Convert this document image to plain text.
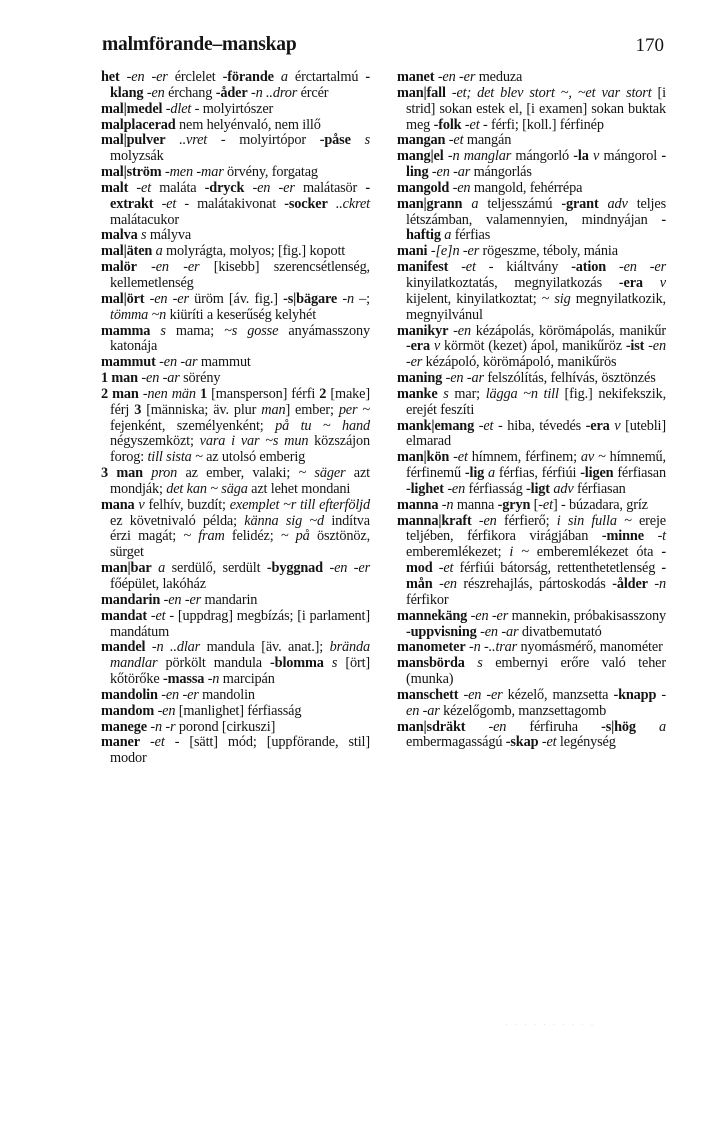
malmförande–manskap	170

het -en -er érclelet -förande a érctartalmú -klang -en érchang -åder -n ..dror ércér

mal|medel -dlet - molyirtószer

malplacerad nem helyénvaló, nem illő

mal|pulver ..vret - molyirtópor -påse s molyzsák

mal|ström -men -mar örvény, forgatag

malt -et maláta -dryck -en -er malátasör -extrakt -et - malátakivonat -socker ..ckret malátacukor

malva s mályva

mal|äten a molyrágta, molyos; [fig.] kopott

malör -en -er [kisebb] szerencsétlenség, kellemetlenség

mal|ört -en -er üröm [áv. fig.] -s|bägare -n –; tömma ~n kiüríti a keserűség kelyhét

mamma s mama; ~s gosse anyámasszony katonája

mammut -en -ar mammut

1 man -en -ar sörény

2 man -nen män 1 [mansperson] férfi 2 [make] férj 3 [människa; äv. plur man] ember; per ~ fejenként, személyenként; på tu ~ hand négyszemközt; vara i var ~s mun közszájon forog: till sista ~ az utolsó emberig

3 man pron az ember, valaki; ~ säger azt mondják; det kan ~ säga azt lehet mondani

mana v felhív, buzdít; exemplet ~r till efterföljd ez követnivaló példa; känna sig ~d indítva érzi magát; ~ fram felidéz; ~ på ösztönöz, sürget

man|bar a serdülő, serdült -byggnad -en -er főépület, lakóház

mandarin -en -er mandarin

mandat -et - [uppdrag] megbízás; [i parlament] mandátum

mandel -n ..dlar mandula [äv. anat.]; brända mandlar pörkölt mandula -blomma s [ört] kőtörőke -massa -n marcipán

mandolin -en -er mandolin

mandom -en [manlighet] férfiasság

manege -n -r porond [cirkuszi]

maner -et - [sätt] mód; [uppförande, stil] modor

manet -en -er meduza

man|fall -et; det blev stort ~, ~et var stort [i strid] sokan estek el, [i examen] sokan buktak meg -folk -et - férfi; [koll.] férfinép

mangan -et mangán

mang|el -n manglar mángorló -la v mángorol -ling -en -ar mángorlás

mangold -en mangold, fehérrépa

man|grann a teljesszámú -grant adv teljes létszámban, valamennyien, mindnyájan -haftig a férfias

mani -[e]n -er rögeszme, téboly, mánia

manifest -et - kiáltvány -ation -en -er kinyilatkoztatás, megnyilatkozás -era v kijelent, kinyilatkoztat; ~ sig megnyilatkozik, megnyilvánul

manikyr -en kézápolás, körömápolás, manikűr -era v körmöt (kezet) ápol, manikűröz -ist -en -er kézápoló, körömápoló, manikűrös

maning -en -ar felszólítás, felhívás, ösztönzés

manke s mar; lägga ~n till [fig.] nekifekszik, erejét feszíti

mank|emang -et - hiba, tévedés -era v [utebli] elmarad

man|kön -et hímnem, férfinem; av ~ hímnemű, férfinemű -lig a férfias, férfiúi -ligen férfiasan -lighet -en férfiasság -ligt adv férfiasan

manna -n manna -gryn [-et] - búzadara, gríz

manna|kraft -en férfierő; i sin fulla ~ ereje teljében, férfikora virágjában -minne -t emberemlékezet; i ~ emberemlékezet óta -mod -et férfiúi bátorság, rettenthetetlenség -mån -en részrehajlás, pártoskodás -ålder -n férfikor

mannekäng -en -er mannekin, próbakisasszony -uppvisning -en -ar divatbemutató

manometer -n -..trar nyomásmérő, manométer

mansbörda s embernyi erőre való teher (munka)

manschett -en -er kézelő, manzsetta -knapp -en -ar kézelőgomb, manzsettagomb

man|sdräkt -en férfiruha -s|hög a embermagasságú -skap -et legénység

· · · · · · · · · ·
